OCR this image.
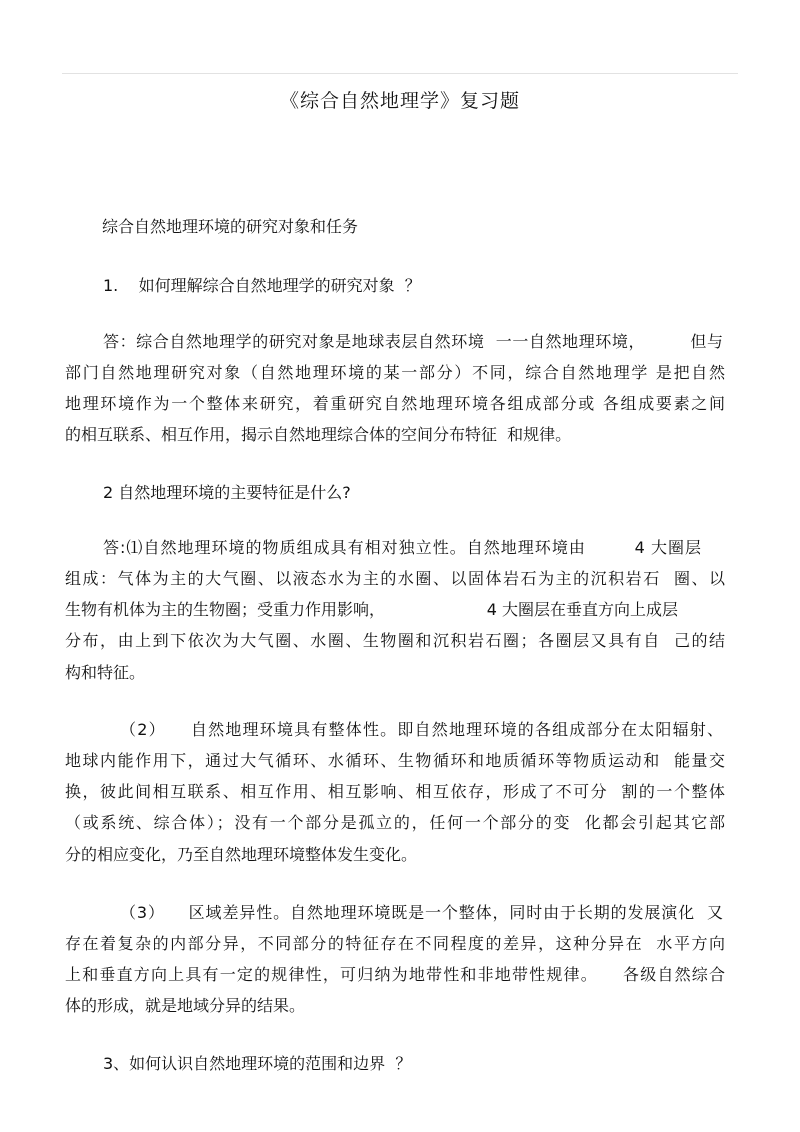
《综合自然地理学》复习题
综合自然地理环境的研究对象和任务
1.    如何理解综合自然地理学的研究对象  ？
答：综合自然地理学的研究对象是地球表层自然环境  一一自然地理环境，        但与
部门自然地理研究对象（自然地理环境的某一部分）不同，综合自然地理学 是把自然
地理环境作为一个整体来研究，着重研究自然地理环境各组成部分或 各组成要素之间
的相互联系、相互作用，揭示自然地理综合体的空间分布特征  和规律。
2 自然地理环境的主要特征是什么?
答:⑴自然地理环境的物质组成具有相对独立性。自然地理环境由        4 大圈层
组成：气体为主的大气圈、以液态水为主的水圈、以固体岩石为主的沉积岩石  圈、以
生物有机体为主的生物圈；受重力作用影响，                    4 大圈层在垂直方向上成层
分布，由上到下依次为大气圈、水圈、生物圈和沉积岩石圈；各圈层又具有自  己的结
构和特征。
（2）    自然地理环境具有整体性。即自然地理环境的各组成部分在太阳辐射、
地球内能作用下，通过大气循环、水循环、生物循环和地质循环等物质运动和  能量交
换，彼此间相互联系、相互作用、相互影响、相互依存，形成了不可分  割的一个整体
（或系统、综合体）；没有一个部分是孤立的，任何一个部分的变  化都会引起其它部
分的相应变化，乃至自然地理环境整体发生变化。
（3）    区域差异性。自然地理环境既是一个整体，同时由于长期的发展演化  又
存在着复杂的内部分异，不同部分的特征存在不同程度的差异，这种分异在  水平方向
上和垂直方向上具有一定的规律性，可归纳为地带性和非地带性规律。    各级自然综合
体的形成，就是地域分异的结果。
3、如何认识自然地理环境的范围和边界  ？
